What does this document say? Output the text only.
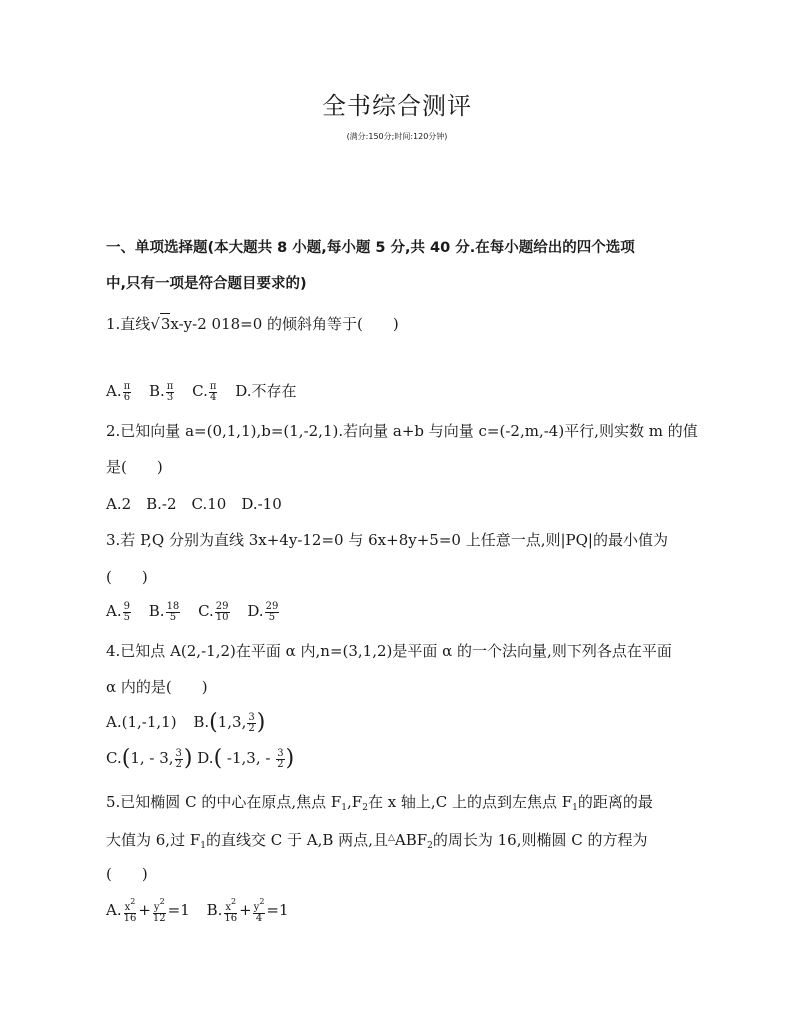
全书综合测评
(满分:150分;时间:120分钟)
一、单项选择题(本大题共 8 小题,每小题 5 分,共 40 分.在每小题给出的四个选项
中,只有一项是符合题目要求的)
1.直线 √ 3 x-y-2 018=0 的倾斜角等于(　　)
A. $\frac{\pi}{6} B$. $\frac{\pi}{3} C$. $\frac{\pi}{4} D$.不存在
2.已知向量 a=(0,1,1),b=(1,-2,1).若向量 a+b 与向量 c=(-2,m,-4)平行,则实数 m 的值
是(　　)
A.2　B.-2　C.10　D.-10
3.若 P,Q 分别为直线 3x+4y-12=0 与 6x+8y+5=0 上任意一点,则|PQ|的最小值为
(　　)
A. $\frac{9}{5} B$. $\frac{18}{5} C$. $\frac{29}{10} D$. $\frac{29}{5}$
4.已知点 A(2,-1,2)在平面 α 内,n=(3,1,2)是平面 α 的一个法向量,则下列各点在平面
α 内的是(　　)
A.(1,-1,1) B.(1,3, $\frac{3}{2}$ )
C.(1, - 3, $\frac{3}{2}$ ) D.( -1,3, - $\frac{3}{2}$ )
5.已知椭圆 C 的中心在原点,焦点 $F_1,F_2$在 x 轴上,C 上的点到左焦点 $F_1$的距离的最
大值为 6,过 $F_1$的直线交 C 于 A,B 两点,且$^\triangle ABF_2$的周长为 16,则椭圆 C 的方程为
(　　)
A. $\frac{x^2}{16} + \frac{y^2}{12} =1$ B. $\frac{x^2}{16} + \frac{y^2}{4} =1$
